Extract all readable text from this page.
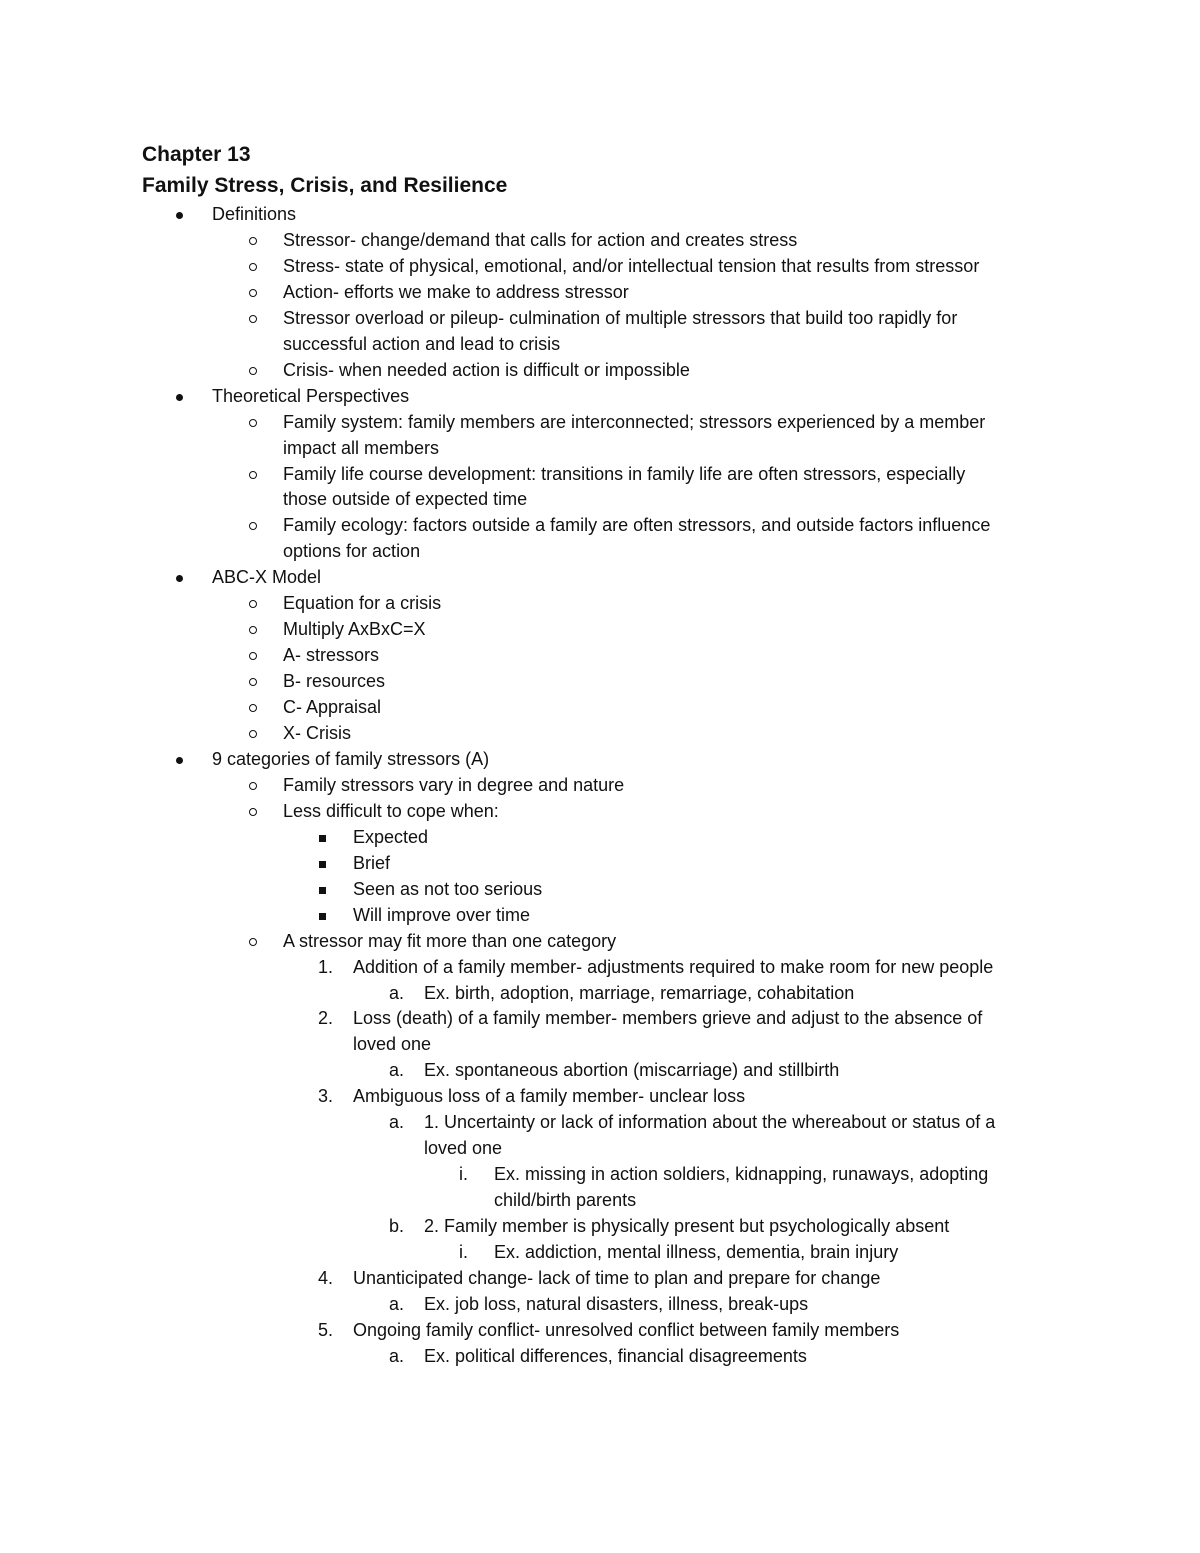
Chapter 13
Family Stress, Crisis, and Resilience
Definitions
Stressor- change/demand that calls for action and creates stress
Stress- state of physical, emotional, and/or intellectual tension that results from stressor
Action- efforts we make to address stressor
Stressor overload or pileup- culmination of multiple stressors that build too rapidly for
successful action and lead to crisis
Crisis- when needed action is difficult or impossible
Theoretical Perspectives
Family system: family members are interconnected; stressors experienced by a member
impact all members
Family life course development: transitions in family life are often stressors, especially
those outside of expected time
Family ecology: factors outside a family are often stressors, and outside factors influence
options for action
ABC-X Model
Equation for a crisis
Multiply AxBxC=X
A- stressors
B- resources
C- Appraisal
X- Crisis
9 categories of family stressors (A)
Family stressors vary in degree and nature
Less difficult to cope when:
Expected
Brief
Seen as not too serious
Will improve over time
A stressor may fit more than one category
1. Addition of a family member- adjustments required to make room for new people
a. Ex. birth, adoption, marriage, remarriage, cohabitation
2. Loss (death) of a family member- members grieve and adjust to the absence of
loved one
a. Ex. spontaneous abortion (miscarriage) and stillbirth
3. Ambiguous loss of a family member- unclear loss
a. 1. Uncertainty or lack of information about the whereabout or status of a
loved one
i. Ex. missing in action soldiers, kidnapping, runaways, adopting
child/birth parents
b. 2. Family member is physically present but psychologically absent
i. Ex. addiction, mental illness, dementia, brain injury
4. Unanticipated change- lack of time to plan and prepare for change
a. Ex. job loss, natural disasters, illness, break-ups
5. Ongoing family conflict- unresolved conflict between family members
a. Ex. political differences, financial disagreements
